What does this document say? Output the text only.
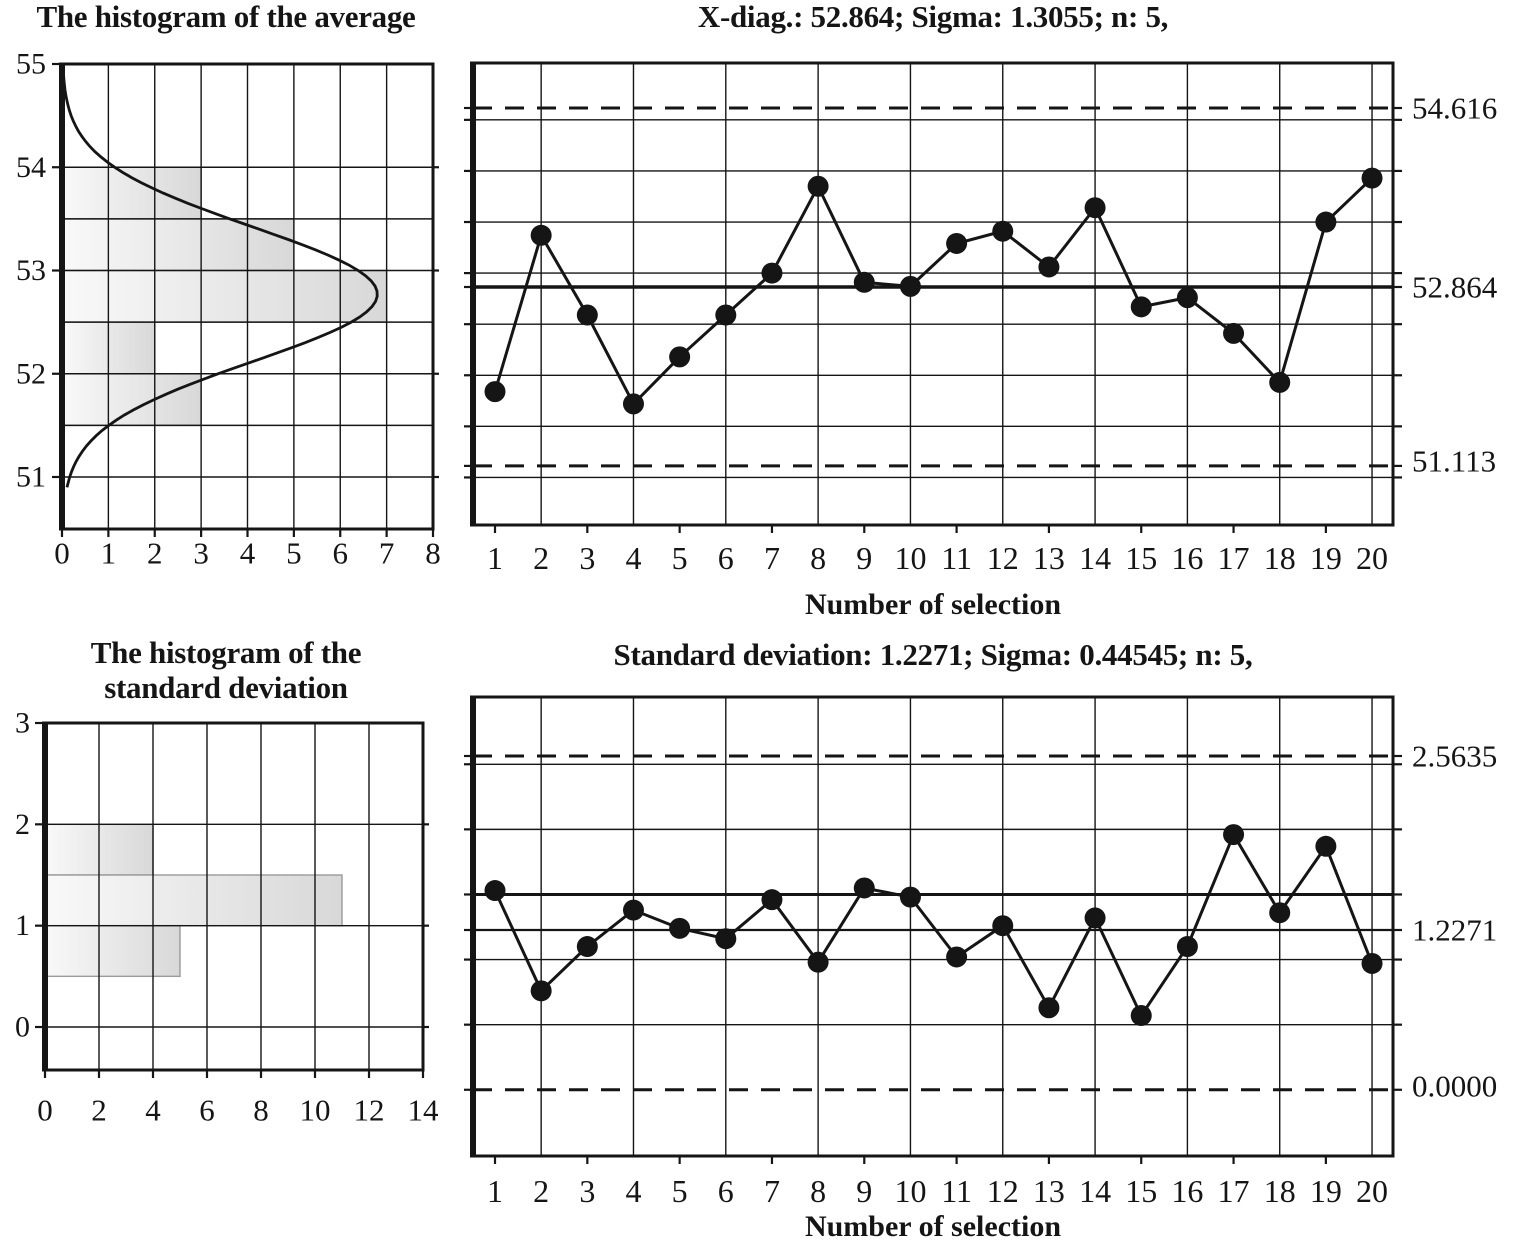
55
54
53
52
51
0 1 2 3 4 5 6 7 8 1 2 3 4 5 6 7 8 9 10 11 12 13 14 15 16 17 18 19 20
54.616
52.864
51.113
3
2
1
0
0 2 4 6 8 10 12 14
1 2 3 4 5 6 7 8 9 10 11 12 13 14 15 16 17 18 19 20
2.5635
1.2271
0.0000
The histogram of the average	X-diag.: 52.864; Sigma: 1.3055; n: 5,
The histogram of the
standard deviation
Standard deviation: 1.2271; Sigma: 0.44545; n: 5,
Number of selection
Number of selection
